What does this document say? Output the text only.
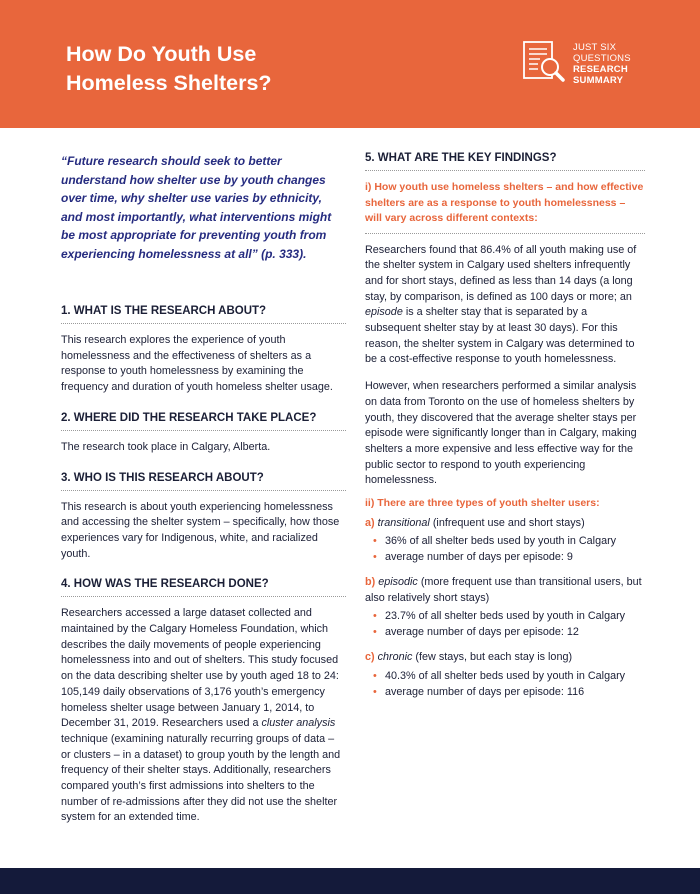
How Do Youth Use
Homeless Shelters?
JUST SIX
QUESTIONS
RESEARCH
SUMMARY

“Future research should seek to better understand how shelter use by youth changes over time, why shelter use varies by ethnicity, and most importantly, what interventions might be most appropriate for preventing youth from experiencing homelessness at all” (p. 333).

1. WHAT IS THE RESEARCH ABOUT?

This research explores the experience of youth homelessness and the effectiveness of shelters as a response to youth homelessness by examining the frequency and duration of youth homeless shelter usage.

2. WHERE DID THE RESEARCH TAKE PLACE?

The research took place in Calgary, Alberta.

3. WHO IS THIS RESEARCH ABOUT?

This research is about youth experiencing homelessness and accessing the shelter system – specifically, how those experiences vary for Indigenous, white, and racialized youth.

4. HOW WAS THE RESEARCH DONE?

Researchers accessed a large dataset collected and maintained by the Calgary Homeless Foundation, which describes the daily movements of people experiencing homelessness into and out of shelters. This study focused on the data describing shelter use by youth aged 18 to 24: 105,149 daily observations of 3,176 youth’s emergency homeless shelter usage between January 1, 2014, to December 31, 2019. Researchers used a cluster analysis technique (examining naturally recurring groups of data – or clusters – in a dataset) to group youth by the length and frequency of their shelter stays. Additionally, researchers compared youth’s first admissions into shelters to the number of re-admissions after they did not use the shelter system for an extended time.

5. WHAT ARE THE KEY FINDINGS?

i) How youth use homeless shelters – and how effective shelters are as a response to youth homelessness – will vary across different contexts:

Researchers found that 86.4% of all youth making use of the shelter system in Calgary used shelters infrequently and for short stays, defined as less than 14 days (a long stay, by comparison, is defined as 100 days or more; an episode is a shelter stay that is separated by a subsequent shelter stay by at least 30 days). For this reason, the shelter system in Calgary was determined to be a cost-effective response to youth homelessness.

However, when researchers performed a similar analysis on data from Toronto on the use of homeless shelters by youth, they discovered that the average shelter stays per episode were significantly longer than in Calgary, making shelters a more expensive and less effective way for the public sector to respond to youth experiencing homelessness.

ii) There are three types of youth shelter users:

a) transitional (infrequent use and short stays)

• 36% of all shelter beds used by youth in Calgary
• average number of days per episode: 9

b) episodic (more frequent use than transitional users, but also relatively short stays)

• 23.7% of all shelter beds used by youth in Calgary
• average number of days per episode: 12

c) chronic (few stays, but each stay is long)

• 40.3% of all shelter beds used by youth in Calgary
• average number of days per episode: 116
